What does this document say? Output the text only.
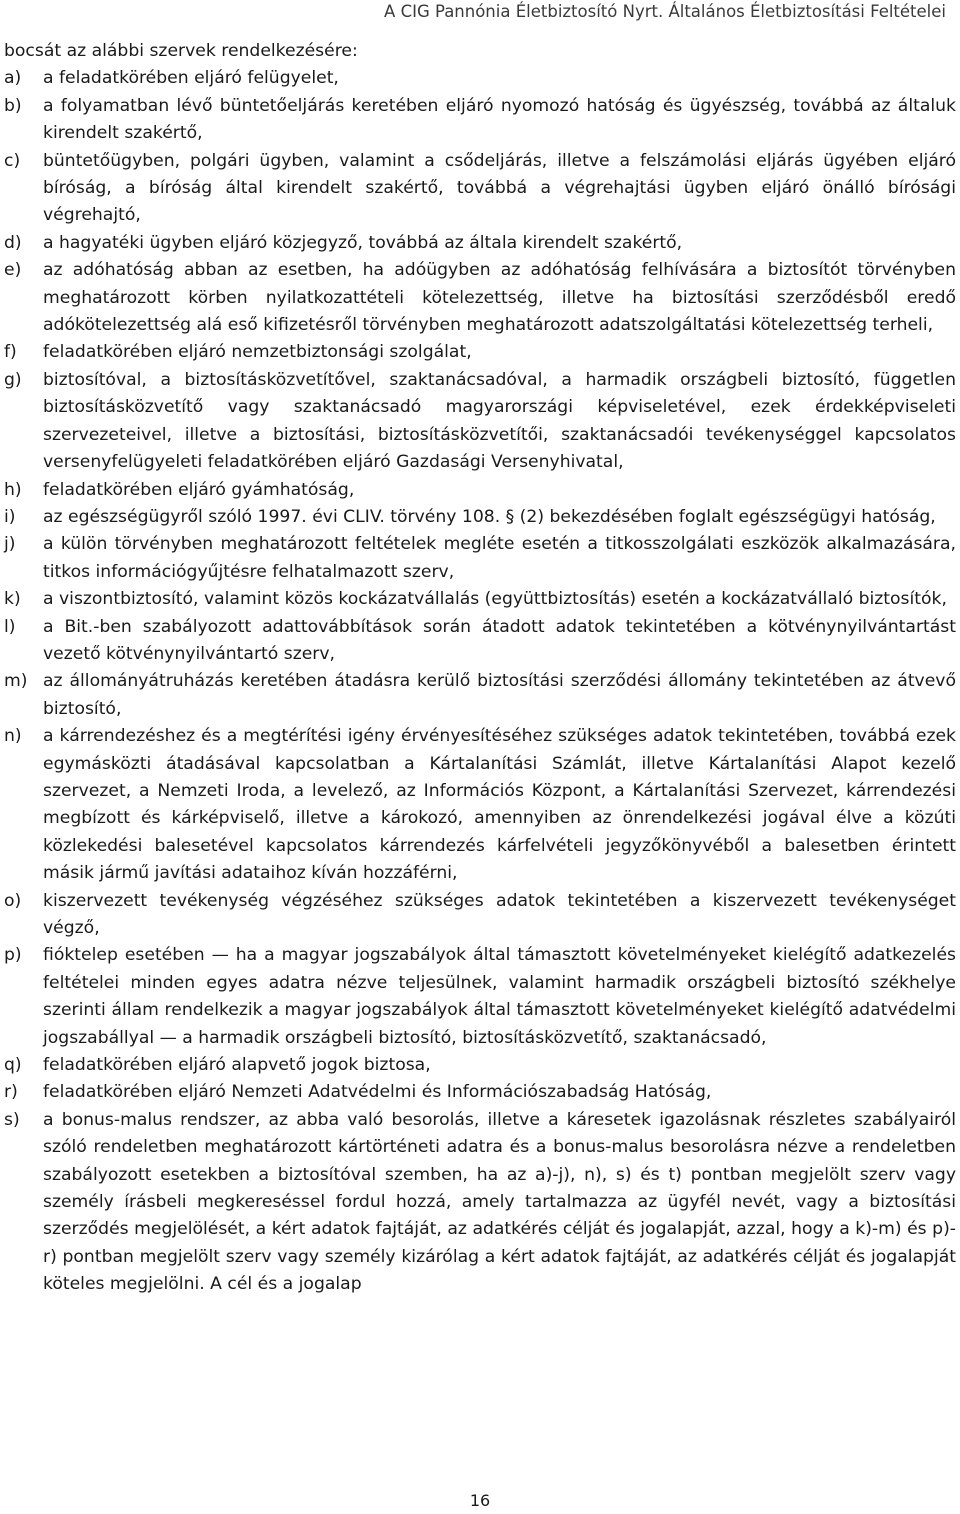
A CIG Pannónia Életbiztosító Nyrt. Általános Életbiztosítási Feltételei

bocsát az alábbi szervek rendelkezésére:

a) a feladatkörében eljáró felügyelet,
b) a folyamatban lévő büntetőeljárás keretében eljáró nyomozó hatóság és ügyészség, továbbá az általuk kirendelt szakértő,
c) büntetőügyben, polgári ügyben, valamint a csődeljárás, illetve a felszámolási eljárás ügyében eljáró bíróság, a bíróság által kirendelt szakértő, továbbá a végrehajtási ügyben eljáró önálló bírósági végrehajtó,
d) a hagyatéki ügyben eljáró közjegyző, továbbá az általa kirendelt szakértő,
e) az adóhatóság abban az esetben, ha adóügyben az adóhatóság felhívására a biztosítót törvényben meghatározott körben nyilatkozattételi kötelezettség, illetve ha biztosítási szerződésből eredő adókötelezettség alá eső kifizetésről törvényben meghatározott adatszolgáltatási kötelezettség terheli,
f) feladatkörében eljáró nemzetbiztonsági szolgálat,
g) biztosítóval, a biztosításközvetítővel, szaktanácsadóval, a harmadik országbeli biztosító, független biztosításközvetítő vagy szaktanácsadó magyarországi képviseletével, ezek érdekképviseleti szervezeteivel, illetve a biztosítási, biztosításközvetítői, szaktanácsadói tevékenységgel kapcsolatos versenyfelügyeleti feladatkörében eljáró Gazdasági Versenyhivatal,
h) feladatkörében eljáró gyámhatóság,
i) az egészségügyről szóló 1997. évi CLIV. törvény 108. § (2) bekezdésében foglalt egészségügyi hatóság,
j) a külön törvényben meghatározott feltételek megléte esetén a titkosszolgálati eszközök alkalmazására, titkos információgyűjtésre felhatalmazott szerv,
k) a viszontbiztosító, valamint közös kockázatvállalás (együttbiztosítás) esetén a kockázatvállaló biztosítók,
l) a Bit.-ben szabályozott adattovábbítások során átadott adatok tekintetében a kötvénynyilvántartást vezető kötvénynyilvántartó szerv,
m) az állományátruházás keretében átadásra kerülő biztosítási szerződési állomány tekintetében az átvevő biztosító,
n) a kárrendezéshez és a megtérítési igény érvényesítéséhez szükséges adatok tekintetében, továbbá ezek egymásközti átadásával kapcsolatban a Kártalanítási Számlát, illetve Kártalanítási Alapot kezelő szervezet, a Nemzeti Iroda, a levelező, az Információs Központ, a Kártalanítási Szervezet, kárrendezési megbízott és kárképviselő, illetve a károkozó, amennyiben az önrendelkezési jogával élve a közúti közlekedési balesetével kapcsolatos kárrendezés kárfelvételi jegyzőkönyvéből a balesetben érintett másik jármű javítási adataihoz kíván hozzáférni,
o) kiszervezett tevékenység végzéséhez szükséges adatok tekintetében a kiszervezett tevékenységet végző,
p) fióktelep esetében — ha a magyar jogszabályok által támasztott követelményeket kielégítő adatkezelés feltételei minden egyes adatra nézve teljesülnek, valamint harmadik országbeli biztosító székhelye szerinti állam rendelkezik a magyar jogszabályok által támasztott követelményeket kielégítő adatvédelmi jogszabállyal — a harmadik országbeli biztosító, biztosításközvetítő, szaktanácsadó,
q) feladatkörében eljáró alapvető jogok biztosa,
r) feladatkörében eljáró Nemzeti Adatvédelmi és Információszabadság Hatóság,
s) a bonus-malus rendszer, az abba való besorolás, illetve a káresetek igazolásnak részletes szabályairól szóló rendeletben meghatározott kártörténeti adatra és a bonus-malus besorolásra nézve a rendeletben szabályozott esetekben a biztosítóval szemben, ha az a)-j), n), s) és t) pontban megjelölt szerv vagy személy írásbeli megkereséssel fordul hozzá, amely tartalmazza az ügyfél nevét, vagy a biztosítási szerződés megjelölését, a kért adatok fajtáját, az adatkérés célját és jogalapját, azzal, hogy a k)-m) és p)-r) pontban megjelölt szerv vagy személy kizárólag a kért adatok fajtáját, az adatkérés célját és jogalapját köteles megjelölni. A cél és a jogalap
16
